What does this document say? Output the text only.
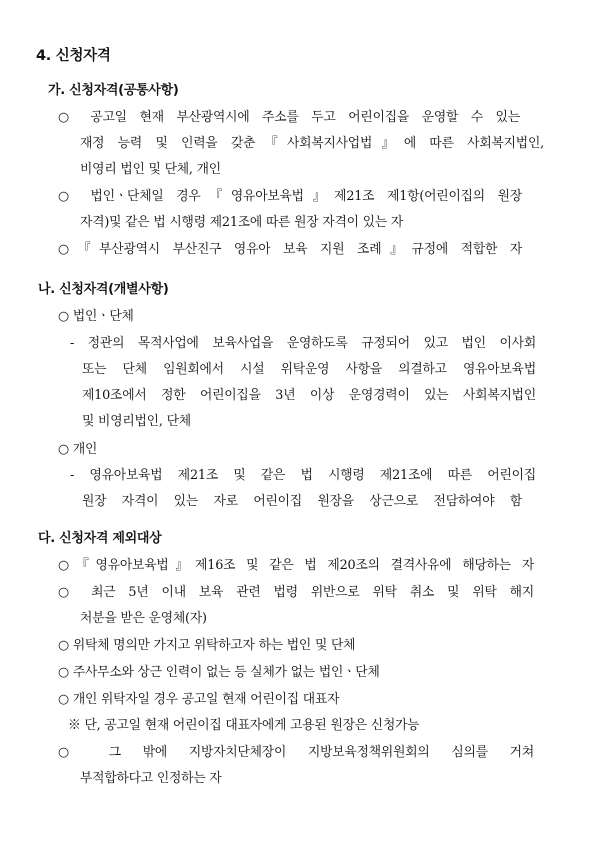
4. 신청자격
가. 신청자격(공통사항)
○ 공고일 현재 부산광역시에 주소를 두고 어린이집을 운영할 수 있는
재정 능력 및 인력을 갖춘『사회복지사업법』에 따른 사회복지법인,
비영리 법인 및 단체, 개인
○ 법인ㆍ단체일 경우『영유아보육법』제21조 제1항(어린이집의 원장
자격)및 같은 법 시행령 제21조에 따른 원장 자격이 있는 자
○『부산광역시 부산진구 영유아 보육 지원 조례』규정에 적합한 자
나. 신청자격(개별사항)
○ 법인ㆍ단체
- 정관의 목적사업에 보육사업을 운영하도록 규정되어 있고 법인 이사회
또는 단체 임원회에서 시설 위탁운영 사항을 의결하고 영유아보육법
제10조에서 정한 어린이집을 3년 이상 운영경력이 있는 사회복지법인
및 비영리법인, 단체
○ 개인
- 영유아보육법 제21조 및 같은 법 시행령 제21조에 따른 어린이집
원장 자격이 있는 자로 어린이집 원장을 상근으로 전담하여야 함
다. 신청자격 제외대상
○『영유아보육법』제16조 및 같은 법 제20조의 결격사유에 해당하는 자
○ 최근 5년 이내 보육 관련 법령 위반으로 위탁 취소 및 위탁 해지
처분을 받은 운영체(자)
○ 위탁체 명의만 가지고 위탁하고자 하는 법인 및 단체
○ 주사무소와 상근 인력이 없는 등 실체가 없는 법인ㆍ단체
○ 개인 위탁자일 경우 공고일 현재 어린이집 대표자
※ 단, 공고일 현재 어린이집 대표자에게 고용된 원장은 신청가능
○ 그 밖에 지방자치단체장이 지방보육정책위원회의 심의를 거쳐
부적합하다고 인정하는 자
